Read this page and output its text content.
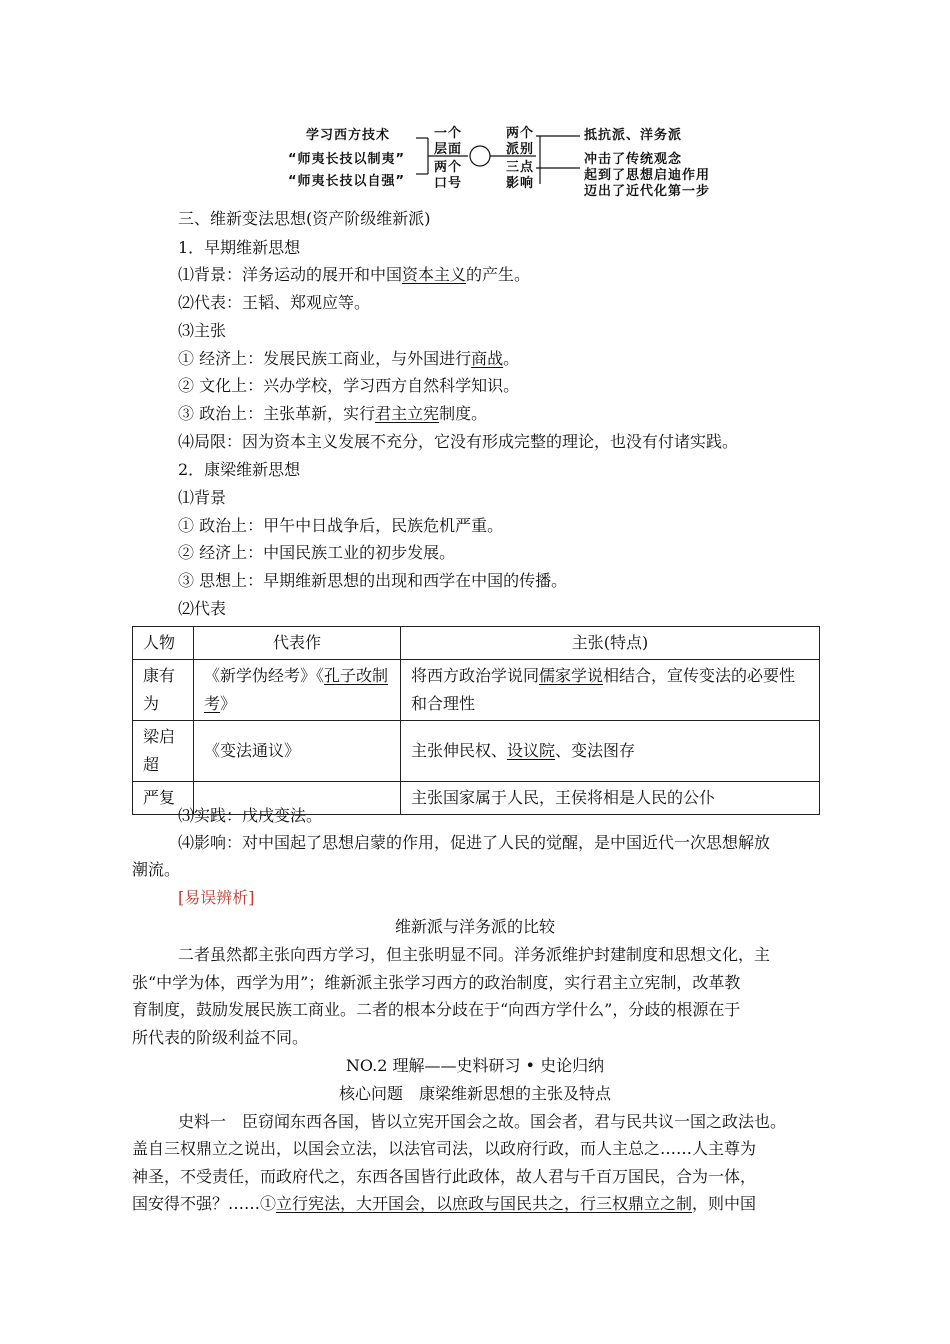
学习西方技术
“师夷长技以制夷”
“师夷长技以自强”
一个
层面
两个
口号
两个
派别
三点
影响
抵抗派、洋务派
冲击了传统观念
起到了思想启迪作用
迈出了近代化第一步
三、维新变法思想(资产阶级维新派)
1．早期维新思想
⑴背景：洋务运动的展开和中国资本主义的产生。
⑵代表：王韬、郑观应等。
⑶主张
① 经济上：发展民族工商业，与外国进行商战。
② 文化上：兴办学校，学习西方自然科学知识。
③ 政治上：主张革新，实行君主立宪制度。
⑷局限：因为资本主义发展不充分，它没有形成完整的理论，也没有付诸实践。
2．康梁维新思想
⑴背景
① 政治上：甲午中日战争后，民族危机严重。
② 经济上：中国民族工业的初步发展。
③ 思想上：早期维新思想的出现和西学在中国的传播。
⑵代表
人物	代表作	主张(特点)
康有为	《新学伪经考》《孔子改制考》	将西方政治学说同儒家学说相结合，宣传变法的必要性和合理性
梁启超	《变法通议》	主张伸民权、设议院、变法图存
严复		主张国家属于人民，王侯将相是人民的公仆
⑶实践：戊戌变法。
⑷影响：对中国起了思想启蒙的作用，促进了人民的觉醒，是中国近代一次思想解放
潮流。
[易误辨析]
维新派与洋务派的比较
二者虽然都主张向西方学习，但主张明显不同。洋务派维护封建制度和思想文化，主
张“中学为体，西学为用”；维新派主张学习西方的政治制度，实行君主立宪制，改革教
育制度，鼓励发展民族工商业。二者的根本分歧在于“向西方学什么”，分歧的根源在于
所代表的阶级利益不同。
NO.2 理解——史料研习 • 史论归纳
核心问题　康梁维新思想的主张及特点
史料一　臣窃闻东西各国，皆以立宪开国会之故。国会者，君与民共议一国之政法也。
盖自三权鼎立之说出，以国会立法，以法官司法，以政府行政，而人主总之……人主尊为
神圣，不受责任，而政府代之，东西各国皆行此政体，故人君与千百万国民，合为一体，
国安得不强？……①立行宪法，大开国会，以庶政与国民共之，行三权鼎立之制，则中国
